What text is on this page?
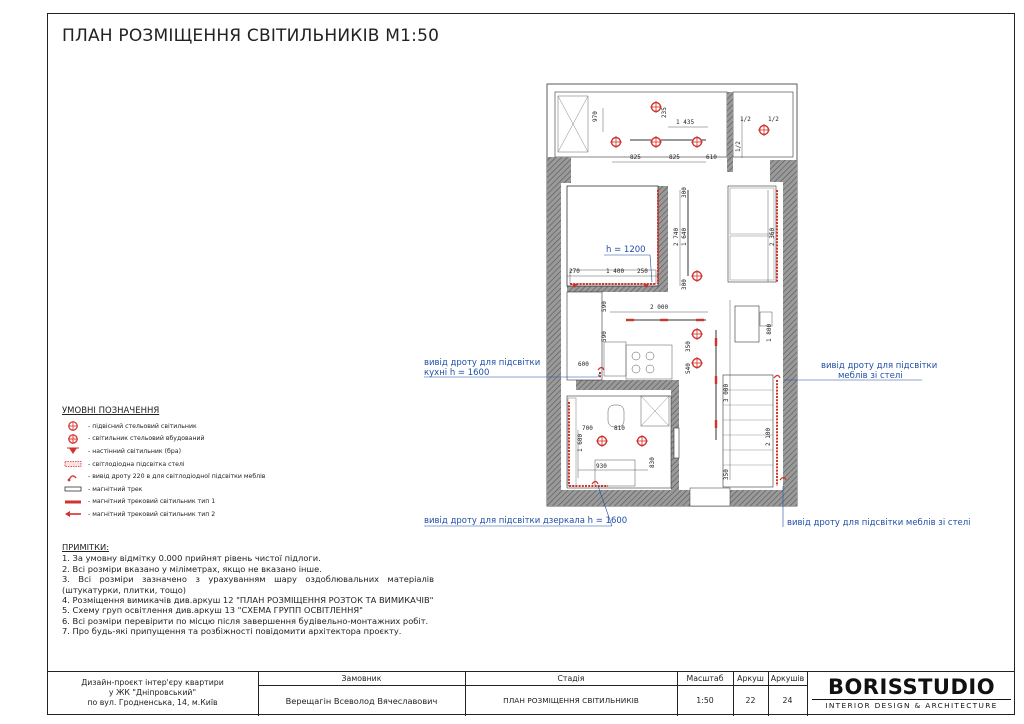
ПЛАН РОЗМІЩЕННЯ СВІТИЛЬНИКІВ М1:50
970	235
1 435
825	825	610
1/2	1/2
1/2
300
2 740 1 640
300
270	1 400 250
2 360
2 000
1 800
590
590
600
350
540
3 000
2 100
350
700	810
1 600
930	830
h = 1200
вивід дроту для підсвітки
кухні h = 1600
вивід дроту для підсвітки
меблів зі стелі
вивід дроту для підсвітки дзеркала h = 1600	вивід дроту для підсвітки меблів зі стелі
УМОВНІ ПОЗНАЧЕННЯ
- підвісний стельовий світильник
- світильник стельовий вбудований
- настінний світильник (бра)
- світлодіодна підсвітка стелі
- вивід дроту 220 в для світлодіодної підсвітки меблів
- магнітний трек
- магнітний трековий світильник тип 1
- магнітний трековий світильник тип 2
ПРИМІТКИ:
1. За умовну відмітку 0.000 прийнят рівень чистої підлоги.
2. Всі розміри вказано у міліметрах, якщо не вказано інше.
3. Всі розміри зазначено з урахуванням шару оздоблювальних матеріалів (штукатурки, плитки, тощо)
4. Розміщення вимикачів див.аркуш 12 "ПЛАН РОЗМІЩЕННЯ РОЗТОК ТА ВИМИКАЧІВ"
5. Схему груп освітлення див.аркуш 13 "СХЕМА ГРУПП ОСВІТЛЕННЯ"
6. Всі розміри перевірити по місцю після завершення будівельно-монтажних робіт.
7. Про будь-які припущення та розбіжності повідомити архітектора проєкту.
Дизайн-проєкт інтер'єру квартири
у ЖК "Дніпровський"
по вул. Гродненська, 14, м.Київ
Замовник
Верещагін Всеволод Вячеславович
Стадія
ПЛАН РОЗМІЩЕННЯ СВІТИЛЬНИКІВ
Масштаб
1:50
Аркуш
22
Аркушів
24
BORISSTUDIO
INTERIOR DESIGN & ARCHITECTURE
